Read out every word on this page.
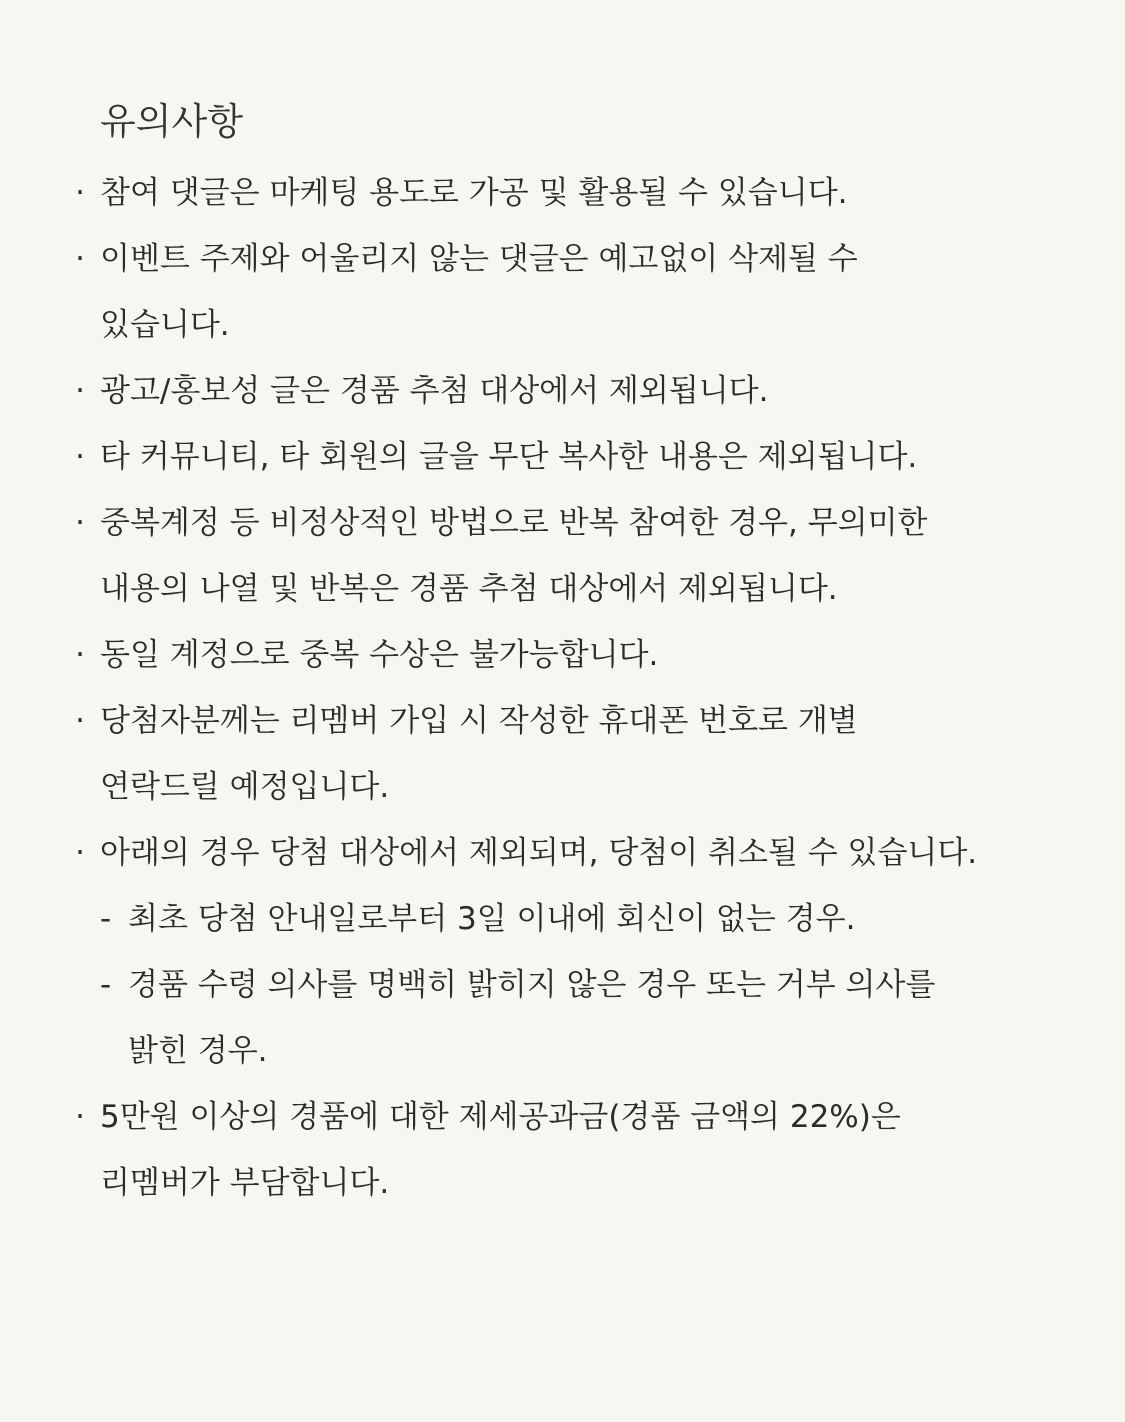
유의사항
· 참여 댓글은 마케팅 용도로 가공 및 활용될 수 있습니다.
· 이벤트 주제와 어울리지 않는 댓글은 예고없이 삭제될 수
있습니다.
· 광고/홍보성 글은 경품 추첨 대상에서 제외됩니다.
· 타 커뮤니티, 타 회원의 글을 무단 복사한 내용은 제외됩니다.
· 중복계정 등 비정상적인 방법으로 반복 참여한 경우, 무의미한
내용의 나열 및 반복은 경품 추첨 대상에서 제외됩니다.
· 동일 계정으로 중복 수상은 불가능합니다.
· 당첨자분께는 리멤버 가입 시 작성한 휴대폰 번호로 개별
연락드릴 예정입니다.
· 아래의 경우 당첨 대상에서 제외되며, 당첨이 취소될 수 있습니다.
- 최초 당첨 안내일로부터 3일 이내에 회신이 없는 경우.
- 경품 수령 의사를 명백히 밝히지 않은 경우 또는 거부 의사를
밝힌 경우.
· 5만원 이상의 경품에 대한 제세공과금(경품 금액의 22%)은
리멤버가 부담합니다.
